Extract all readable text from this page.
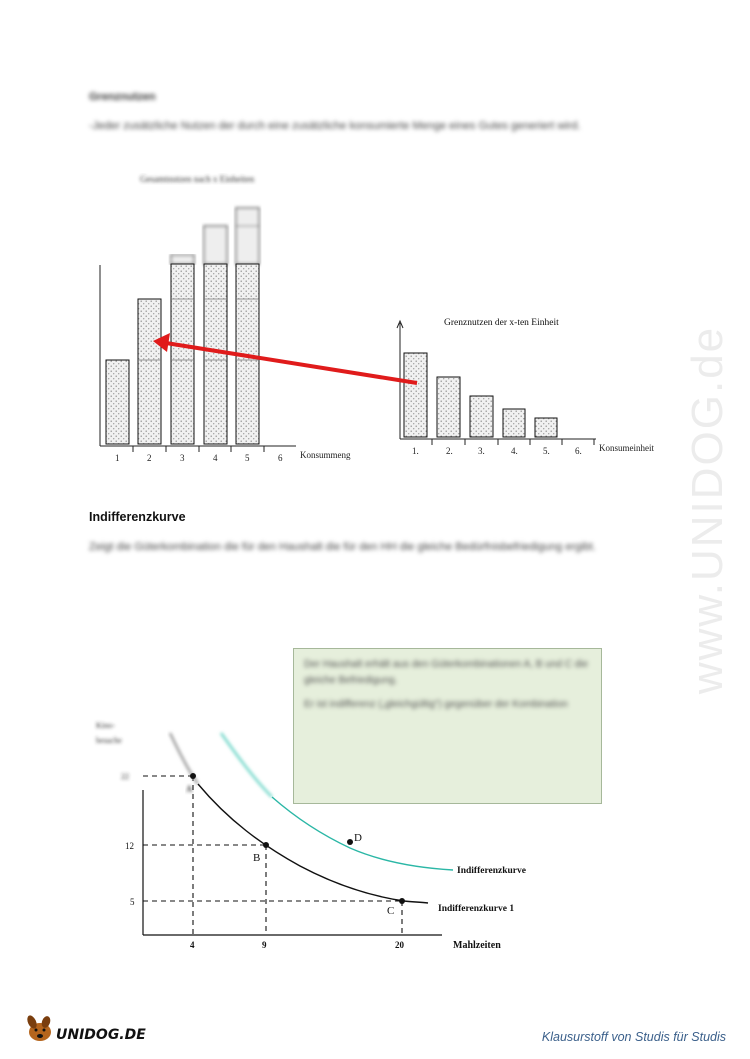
www.UNIDOG.de
Grenznutzen
-Jeder zusätzliche Nutzen der durch eine zusätzliche konsumierte Menge eines Gutes generiert wird.
Gesamtnutzen nach x Einheiten
1	2	3	4	5	6 Konsummeng
Grenznutzen der x-ten Einheit
1.	2.	3.	4.	5.	6. Konsumeinheit
Kino-
besuche
22
A
B
C
D
12
5
4	9	20	Mahlzeiten
Indifferenzkurve
Indifferenzkurve 1
Indifferenzkurve
Zeigt die Güterkombination die für den Haushalt die für den HH die gleiche Bedürfnisbefriedigung ergibt.

Der Haushalt erhält aus den Güterkombinationen A, B und C die gleiche Befriedigung.

Er ist indifferenz („gleichgültig“) gegenüber der Kombination

UNIDOG.DE	Klausurstoff von Studis für Studis
